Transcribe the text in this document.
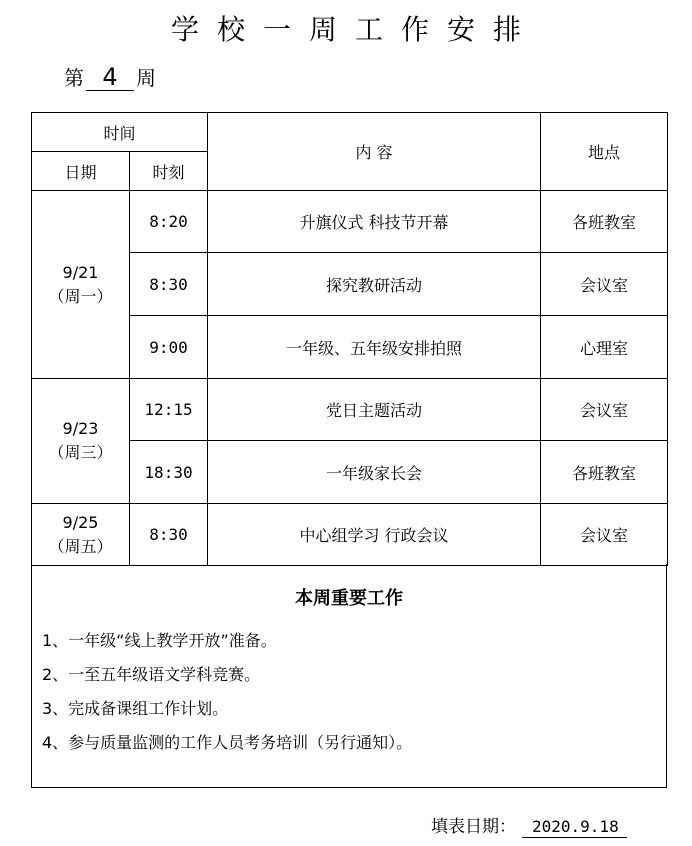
学校一周工作安排
第 4 周
时间		内 容	地点
日期	时刻		

9/21
（周一）	8:20	升旗仪式 科技节开幕	各班教室
	8:30	探究教研活动	会议室
	9:00	一年级、五年级安排拍照	心理室

9/23
（周三）	12:15	党日主题活动	会议室
	18:30	一年级家长会	各班教室

9/25
（周五）	8:30	中心组学习 行政会议	会议室
本周重要工作
1、一年级“线上教学开放”准备。
2、一至五年级语文学科竞赛。
3、完成备课组工作计划。
4、参与质量监测的工作人员考务培训（另行通知）。
填表日期：	2020.9.18
